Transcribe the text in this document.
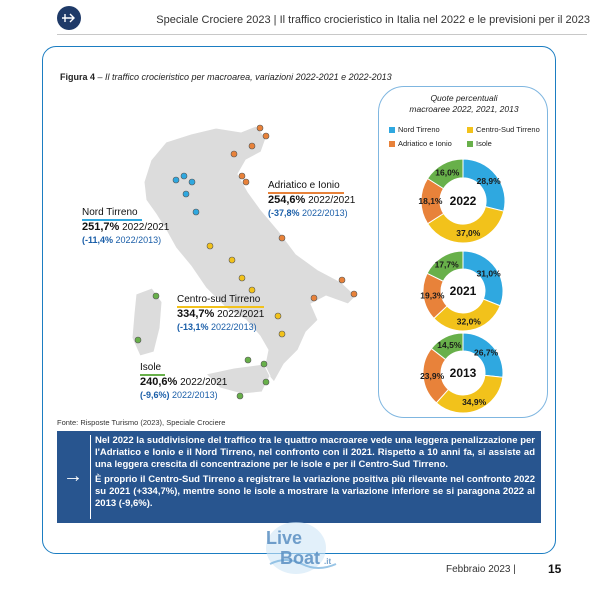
Speciale Crociere 2023 | Il traffico crocieristico in Italia nel 2022 e le previsioni per il 2023
Figura 4 – Il traffico crocieristico per macroarea, variazioni 2022-2021 e 2022-2013
Nord Tirreno
251,7% 2022/2021
(-11,4% 2022/2013)
Adriatico e Ionio
254,6% 2022/2021
(-37,8% 2022/2013)
Centro-sud Tirreno
334,7% 2022/2021
(-13,1% 2022/2013)
Isole
240,6% 2022/2021
(-9,6%) 2022/2013)
Quote percentuali
macroaree 2022, 2021, 2013
Nord Tirreno	Centro-Sud Tirreno
Adriatico e Ionio	Isole
28,9%
37,0%
18,1%
16,0%
2022
31,0%
32,0%
19,3%
17,7%
2021
26,7%
34,9%
23,9%
14,5%
2013
Fonte: Risposte Turismo (2023), Speciale Crociere
→

Nel 2022 la suddivisione del traffico tra le quattro macroaree vede una leggera penalizzazione per l'Adriatico e Ionio e il Nord Tirreno, nel confronto con il 2021. Rispetto a 10 anni fa, si assiste ad una leggera crescita di concentrazione per le isole e per il Centro-Sud Tirreno.

È proprio il Centro-Sud Tirreno a registrare la variazione positiva più rilevante nel confronto 2022 su 2021 (+334,7%), mentre sono le isole a mostrare la variazione inferiore se si paragona 2022 al 2013 (-9,6%).

Live
Boat .it
Febbraio 2023 |	15
